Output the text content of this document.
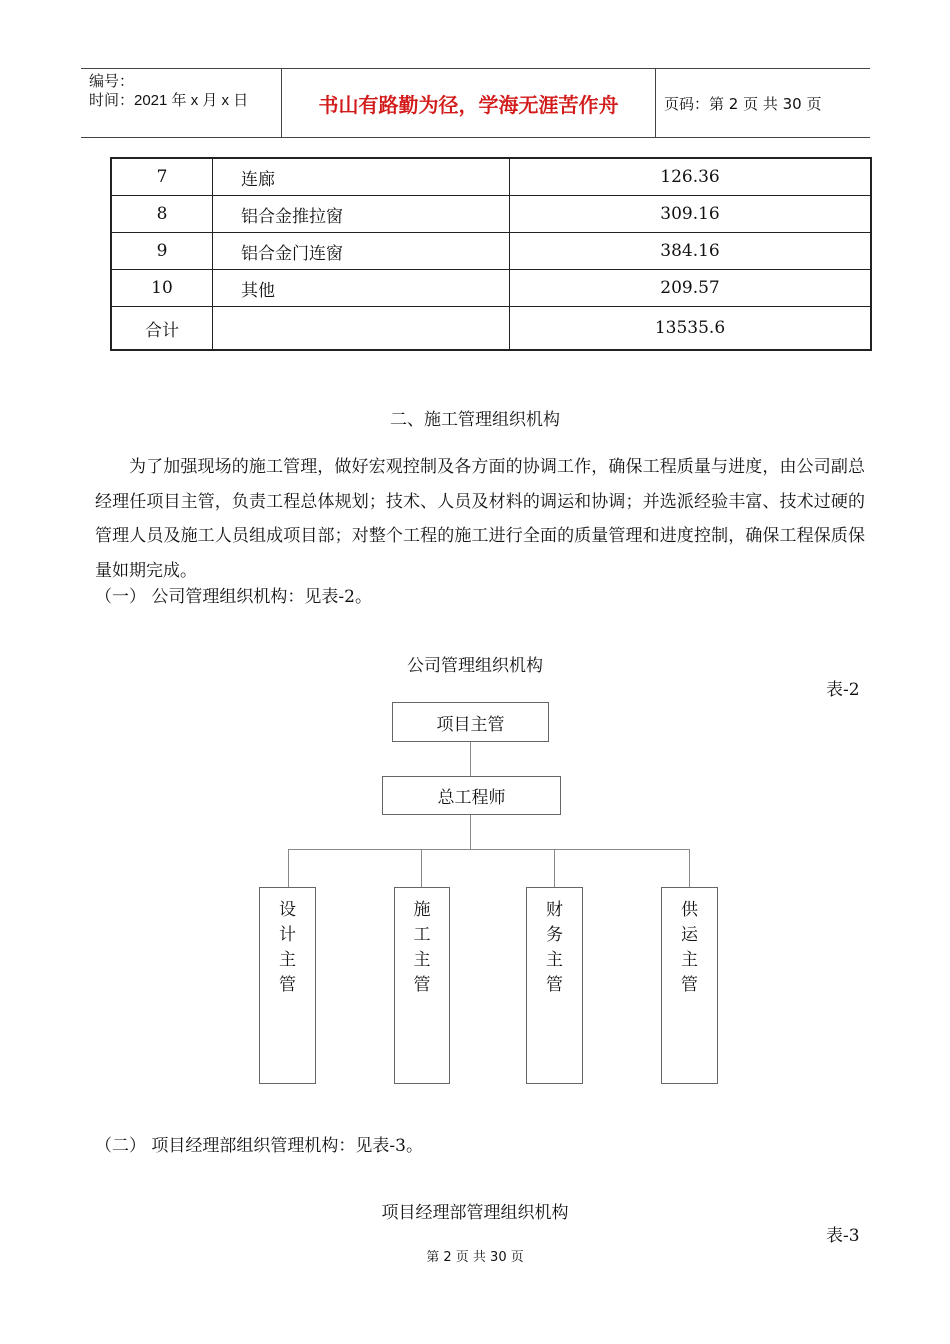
编号：
时间：2021 年 x 月 x 日	书山有路勤为径，学海无涯苦作舟	页码：第 2 页 共 30 页
7	连廊	126.36
8	铝合金推拉窗	309.16
9	铝合金门连窗	384.16
10	其他	209.57
合计		13535.6
二、施工管理组织机构
为了加强现场的施工管理，做好宏观控制及各方面的协调工作，确保工程质量与进度，由公司副总经理任项目主管，负责工程总体规划；技术、人员及材料的调运和协调；并选派经验丰富、技术过硬的管理人员及施工人员组成项目部；对整个工程的施工进行全面的质量管理和进度控制，确保工程保质保量如期完成。
（一） 公司管理组织机构：见表-2。
公司管理组织机构
表-2
项目主管
总工程师
设
计
主
管
施
工
主
管
财
务
主
管
供
运
主
管
（二） 项目经理部组织管理机构：见表-3。
项目经理部管理组织机构
表-3
第 2 页 共 30 页
